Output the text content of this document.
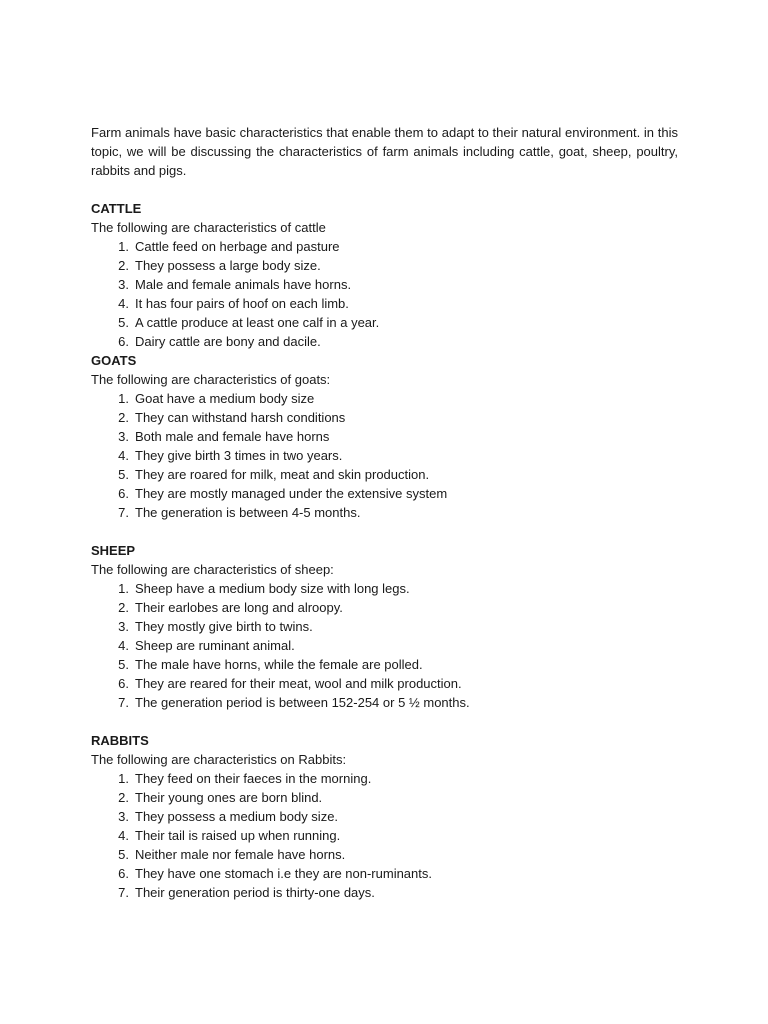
Farm animals have basic characteristics that enable them to adapt to their natural environment. in this topic, we will be discussing the characteristics of farm animals including cattle, goat, sheep, poultry, rabbits and pigs.

CATTLE

The following are characteristics of cattle

1. Cattle feed on herbage and pasture
2. They possess a large body size.
3. Male and female animals have horns.
4. It has four pairs of hoof on each limb.
5. A cattle produce at least one calf in a year.
6. Dairy cattle are bony and dacile.

GOATS

The following are characteristics of goats:

1. Goat have a medium body size
2. They can withstand harsh conditions
3. Both male and female have horns
4. They give birth 3 times in two years.
5. They are roared for milk, meat and skin production.
6. They are mostly managed under the extensive system
7. The generation is between 4-5 months.

SHEEP

The following are characteristics of sheep:

1. Sheep have a medium body size with long legs.
2. Their earlobes are long and alroopy.
3. They mostly give birth to twins.
4. Sheep are ruminant animal.
5. The male have horns, while the female are polled.
6. They are reared for their meat, wool and milk production.
7. The generation period is between 152-254 or 5 ½ months.

RABBITS

The following are characteristics on Rabbits:

1. They feed on their faeces in the morning.
2. Their young ones are born blind.
3. They possess a medium body size.
4. Their tail is raised up when running.
5. Neither male nor female have horns.
6. They have one stomach i.e they are non-ruminants.
7. Their generation period is thirty-one days.
